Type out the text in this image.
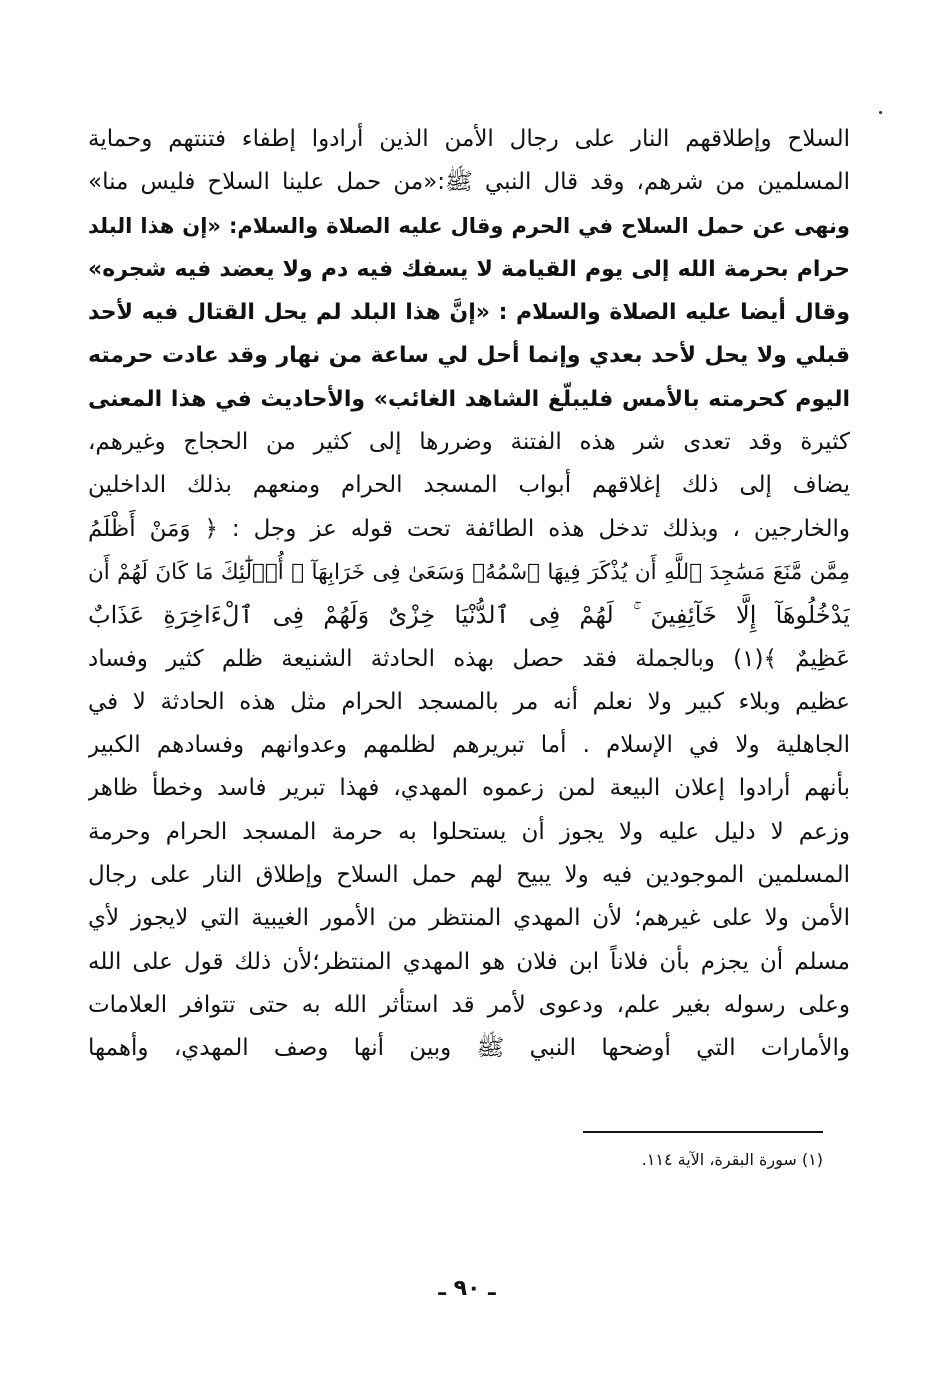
السلاح وإطلاقهم النار على رجال الأمن الذين أرادوا إطفاء فتنتهم وحماية
المسلمين من شرهم، وقد قال النبي ﷺ:«من حمل علينا السلاح فليس منا»
ونهى عن حمل السلاح في الحرم وقال عليه الصلاة والسلام: «إن هذا البلد
حرام بحرمة الله إلى يوم القيامة لا يسفك فيه دم ولا يعضد فيه شجره»
وقال أيضا عليه الصلاة والسلام : «إنَّ هذا البلد لم يحل القتال فيه لأحد
قبلي ولا يحل لأحد بعدي وإنما أحل لي ساعة من نهار وقد عادت حرمته
اليوم كحرمته بالأمس فليبلّغ الشاهد الغائب» والأحاديث في هذا المعنى
كثيرة وقد تعدى شر هذه الفتنة وضررها إلى كثير من الحجاج وغيرهم،
يضاف إلى ذلك إغلاقهم أبواب المسجد الحرام ومنعهم بذلك الداخلين
والخارجين ، وبذلك تدخل هذه الطائفة تحت قوله عز وجل : ﴿ وَمَنْ أَظْلَمُ
مِمَّن مَّنَعَ مَسَٰجِدَ ٱللَّهِ أَن يُذْكَرَ فِيهَا ٱسْمُهُۥ وَسَعَىٰ فِى خَرَابِهَآ ۚ أُو۟لَٰٓئِكَ مَا كَانَ لَهُمْ أَن
يَدْخُلُوهَآ إِلَّا خَآئِفِينَ ۚ لَهُمْ فِى ٱلدُّنْيَا خِزْىٌ وَلَهُمْ فِى ٱلْءَاخِرَةِ عَذَابٌ
عَظِيمٌ ﴾(١) وبالجملة فقد حصل بهذه الحادثة الشنيعة ظلم كثير وفساد
عظيم وبلاء كبير ولا نعلم أنه مر بالمسجد الحرام مثل هذه الحادثة لا في
الجاهلية ولا في الإسلام . أما تبريرهم لظلمهم وعدوانهم وفسادهم الكبير
بأنهم أرادوا إعلان البيعة لمن زعموه المهدي، فهذا تبرير فاسد وخطأ ظاهر
وزعم لا دليل عليه ولا يجوز أن يستحلوا به حرمة المسجد الحرام وحرمة
المسلمين الموجودين فيه ولا يبيح لهم حمل السلاح وإطلاق النار على رجال
الأمن ولا على غيرهم؛ لأن المهدي المنتظر من الأمور الغيبية التي لايجوز لأي
مسلم أن يجزم بأن فلاناً ابن فلان هو المهدي المنتظر؛لأن ذلك قول على الله
وعلى رسوله بغير علم، ودعوى لأمر قد استأثر الله به حتى تتوافر العلامات
والأمارات التي أوضحها النبي ﷺ وبين أنها وصف المهدي، وأهمها
(١) سورة البقرة، الآية ١١٤.
ـ ٩٠ ـ
